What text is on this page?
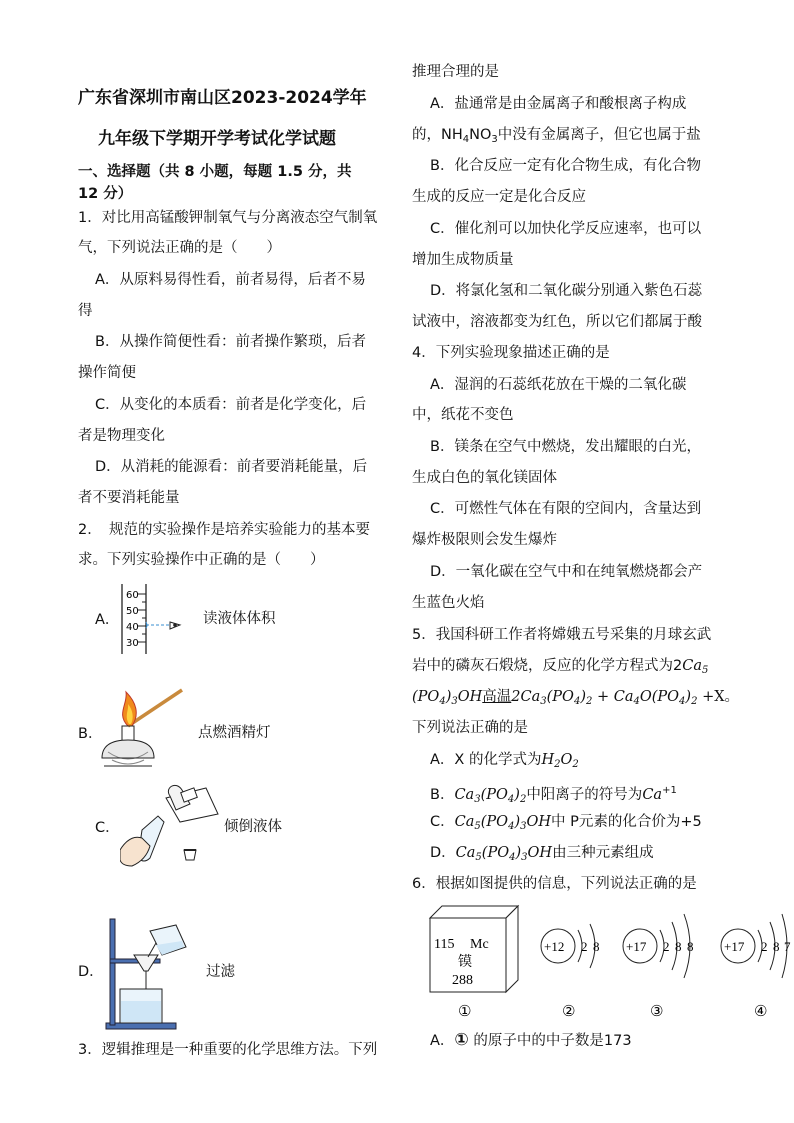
广东省深圳市南山区2023-2024学年
九年级下学期开学考试化学试题
一、选择题（共 8 小题，每题 1.5 分，共
12 分）
1．对比用高锰酸钾制氧气与分离液态空气制氧
气，下列说法正确的是（　　）
A．从原料易得性看，前者易得，后者不易
得
B．从操作简便性看：前者操作繁琐，后者
操作简便
C．从变化的本质看：前者是化学变化，后
者是物理变化
D．从消耗的能源看：前者要消耗能量，后
者不要消耗能量
2．　规范的实验操作是培养实验能力的基本要
求。下列实验操作中正确的是（　　）
A．
60
50
40
30
读液体体积
B．	点燃酒精灯
C．	倾倒液体
D．	过滤
3．逻辑推理是一种重要的化学思维方法。下列
推理合理的是
A．盐通常是由金属离子和酸根离子构成
的，$NH_4NO_3$中没有金属离子，但它也属于盐
B．化合反应一定有化合物生成，有化合物
生成的反应一定是化合反应
C．催化剂可以加快化学反应速率，也可以
增加生成物质量
D．将氯化氢和二氧化碳分别通入紫色石蕊
试液中，溶液都变为红色，所以它们都属于酸
4．下列实验现象描述正确的是
A．湿润的石蕊纸花放在干燥的二氧化碳
中，纸花不变色
B．镁条在空气中燃烧，发出耀眼的白光，
生成白色的氧化镁固体
C．可燃性气体在有限的空间内，含量达到
爆炸极限则会发生爆炸
D．一氧化碳在空气中和在纯氧燃烧都会产
生蓝色火焰
5．我国科研工作者将嫦娥五号采集的月球玄武
岩中的磷灰石煅烧，反应的化学方程式为$2Ca_5$
$(PO_4)_3OH$高温$2Ca_3(PO_4)_2 + Ca_4O(PO_4)_2 +X$。
下列说法正确的是
A．X 的化学式为$H_2O_2$
B．$Ca_3(PO_4)_2$中阳离子的符号为$Ca^{+1}$
C．$Ca_5(PO_4)_3OH$中 P元素的化合价为+5
D．$Ca_5(PO_4)_3OH$由三种元素组成
6．根据如图提供的信息，下列说法正确的是
115 Mc
镆
288
+12 2 8 +17 2 8 8 +17 2 8 7
①	②	③	④
A．① 的原子中的中子数是173
